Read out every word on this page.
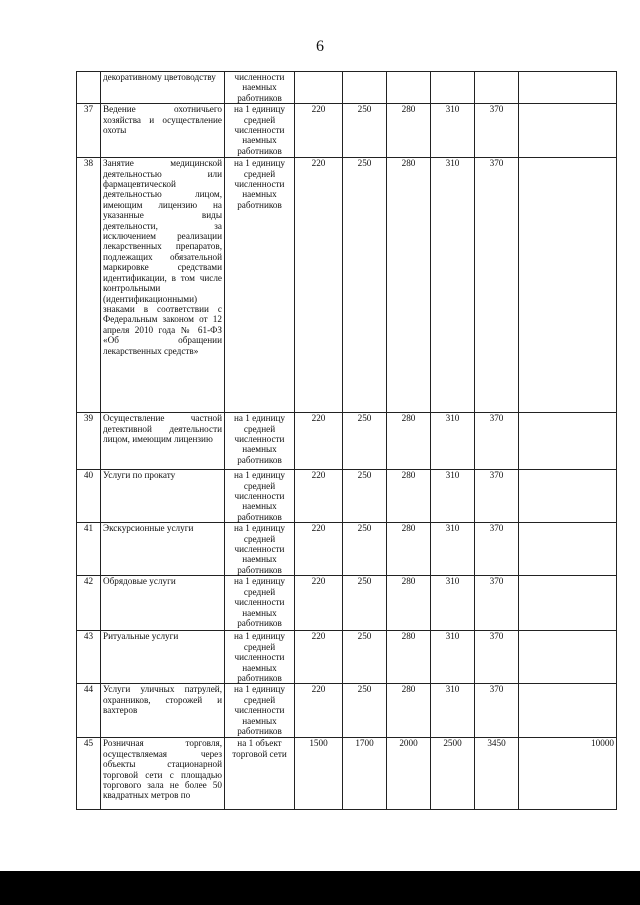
6
	декоративному цветоводству	численности наемных работников						
37	Ведение охотничьего хозяйства и осуществление охоты	на 1 единицу средней численности наемных работников	220	250	280	310	370	
38	Занятие медицинской деятельностью или фармацевтической деятельностью лицом, имеющим лицензию на указанные виды деятельности, за исключением реализации лекарственных препаратов, подлежащих обязательной маркировке средствами идентификации, в том числе контрольными (идентификационными) знаками в соответствии с Федеральным законом от 12 апреля 2010 года № 61-ФЗ «Об обращении лекарственных средств»	на 1 единицу средней численности наемных работников	220	250	280	310	370	
39	Осуществление частной детективной деятельности лицом, имеющим лицензию	на 1 единицу средней численности наемных работников	220	250	280	310	370	
40	Услуги по прокату	на 1 единицу средней численности наемных работников	220	250	280	310	370	
41	Экскурсионные услуги	на 1 единицу средней численности наемных работников	220	250	280	310	370	
42	Обрядовые услуги	на 1 единицу средней численности наемных работников	220	250	280	310	370	
43	Ритуальные услуги	на 1 единицу средней численности наемных работников	220	250	280	310	370	
44	Услуги уличных патрулей, охранников, сторожей и вахтеров	на 1 единицу средней численности наемных работников	220	250	280	310	370	
45	Розничная торговля, осуществляемая через объекты стационарной торговой сети с площадью торгового зала не более 50 квадратных метров по	на 1 объект торговой сети	1500	1700	2000	2500	3450	10000
